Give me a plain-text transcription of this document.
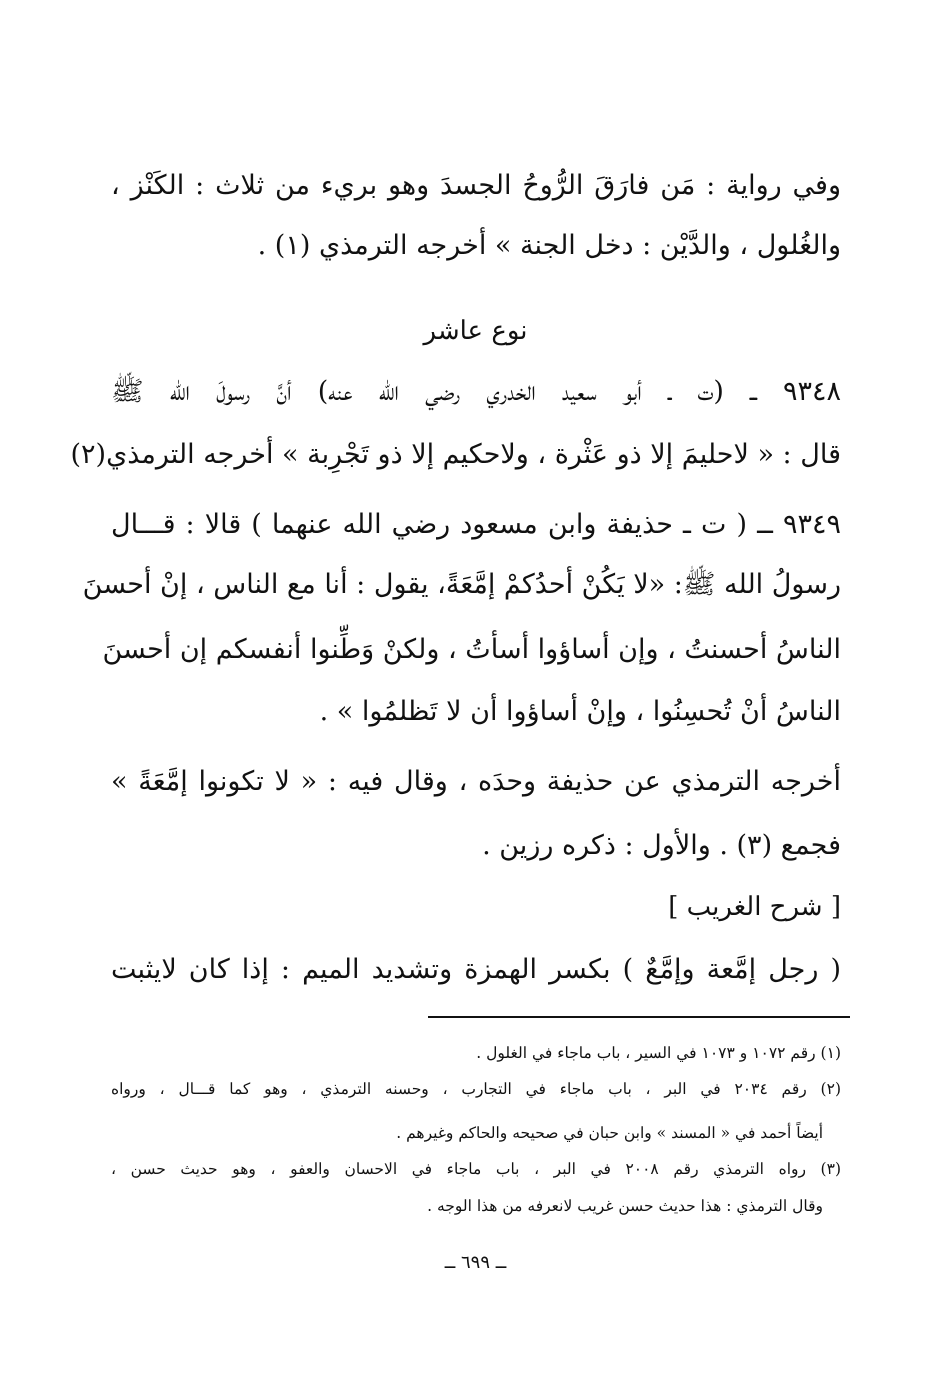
وفي رواية : مَن فارَقَ الرُّوحُ الجسدَ وهو بريء من ثلاث : الكَنْز ،
والغُلول ، والدَّيْن : دخل الجنة » أخرجه الترمذي (١) .
نوع عاشر
٩٣٤٨ ــ (ت ـ أبو سعيد الخدري رضي الله عنه) أنَّ رسولَ الله ﷺ
قال : « لاحليمَ إلا ذو عَثْرة ، ولاحكيم إلا ذو تَجْرِبة » أخرجه الترمذي(٢)
٩٣٤٩ ــ ( ت ـ حذيفة وابن مسعود رضي الله عنهما ) قالا : قـــال
رسولُ الله ﷺ: «لا يَكُنْ أحدُكمْ إمَّعَةً، يقول : أنا مع الناس ، إنْ أحسنَ
الناسُ أحسنتُ ، وإن أساؤوا أسأتُ ، ولكنْ وَطِّنوا أنفسكم إن أحسنَ
الناسُ أنْ تُحسِنُوا ، وإنْ أساؤوا أن لا تَظلمُوا » .
أخرجه الترمذي عن حذيفة وحدَه ، وقال فيه : « لا تكونوا إمَّعَةً »
فجمع (٣) . والأول : ذكره رزين .
[ شرح الغريب ]
( رجل إمَّعة وإمَّعٌ ) بكسر الهمزة وتشديد الميم : إذا كان لايثبت
(١) رقم ١٠٧٢ و ١٠٧٣ في السير ، باب ماجاء في الغلول .
(٢) رقم ٢٠٣٤ في البر ، باب ماجاء في التجارب ، وحسنه الترمذي ، وهو كما قـــال ، ورواه
أيضاً أحمد في « المسند » وابن حبان في صحيحه والحاكم وغيرهم .
(٣) رواه الترمذي رقم ٢٠٠٨ في البر ، باب ماجاء في الاحسان والعفو ، وهو حديث حسن ،
وقال الترمذي : هذا حديث حسن غريب لانعرفه من هذا الوجه .
ــ ٦٩٩ ــ
